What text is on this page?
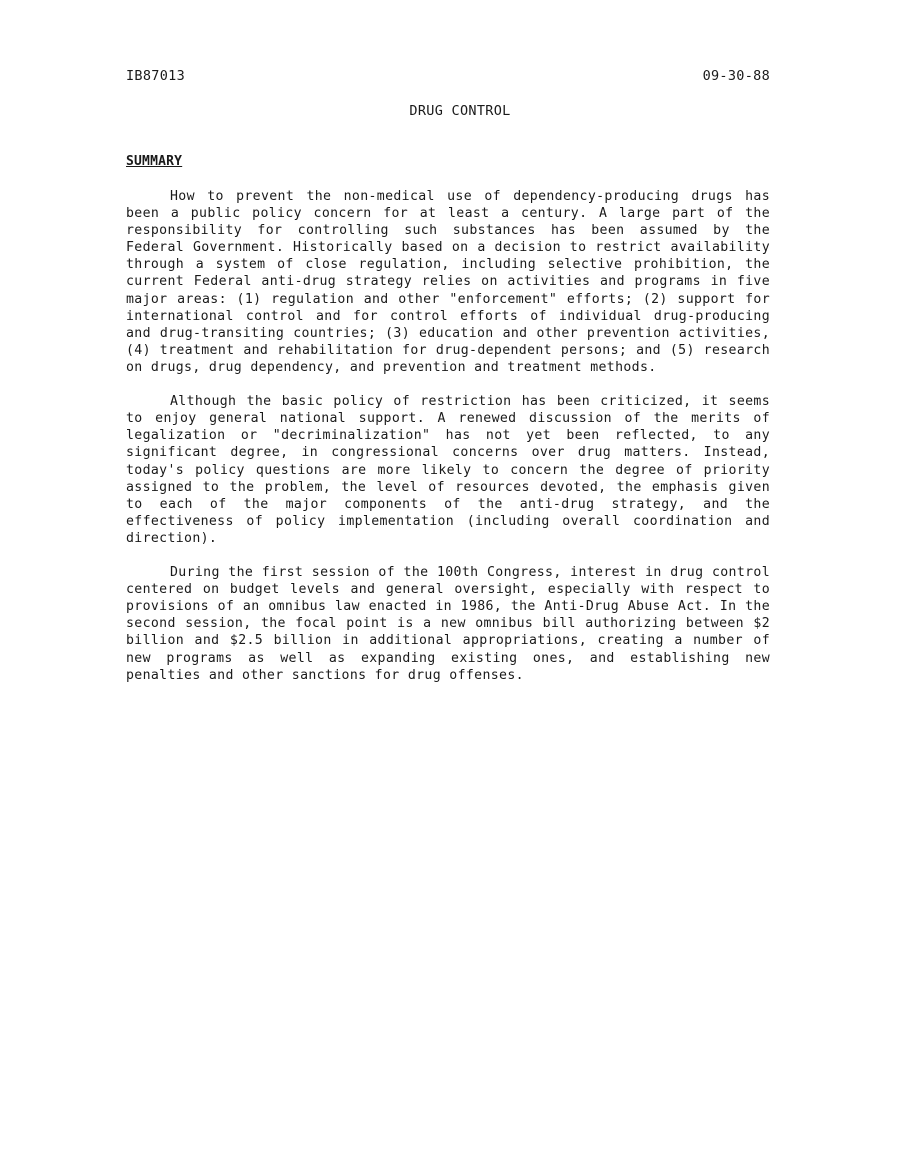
IB87013	09-30-88
DRUG CONTROL
SUMMARY

How to prevent the non-medical use of dependency-producing drugs has been a public policy concern for at least a century. A large part of the responsibility for controlling such substances has been assumed by the Federal Government. Historically based on a decision to restrict availability through a system of close regulation, including selective prohibition, the current Federal anti-drug strategy relies on activities and programs in five major areas: (1) regulation and other "enforcement" efforts; (2) support for international control and for control efforts of individual drug-producing and drug-transiting countries; (3) education and other prevention activities, (4) treatment and rehabilitation for drug-dependent persons; and (5) research on drugs, drug dependency, and prevention and treatment methods.

Although the basic policy of restriction has been criticized, it seems to enjoy general national support. A renewed discussion of the merits of legalization or "decriminalization" has not yet been reflected, to any significant degree, in congressional concerns over drug matters. Instead, today's policy questions are more likely to concern the degree of priority assigned to the problem, the level of resources devoted, the emphasis given to each of the major components of the anti-drug strategy, and the effectiveness of policy implementation (including overall coordination and direction).

During the first session of the 100th Congress, interest in drug control centered on budget levels and general oversight, especially with respect to provisions of an omnibus law enacted in 1986, the Anti-Drug Abuse Act. In the second session, the focal point is a new omnibus bill authorizing between $2 billion and $2.5 billion in additional appropriations, creating a number of new programs as well as expanding existing ones, and establishing new penalties and other sanctions for drug offenses.
